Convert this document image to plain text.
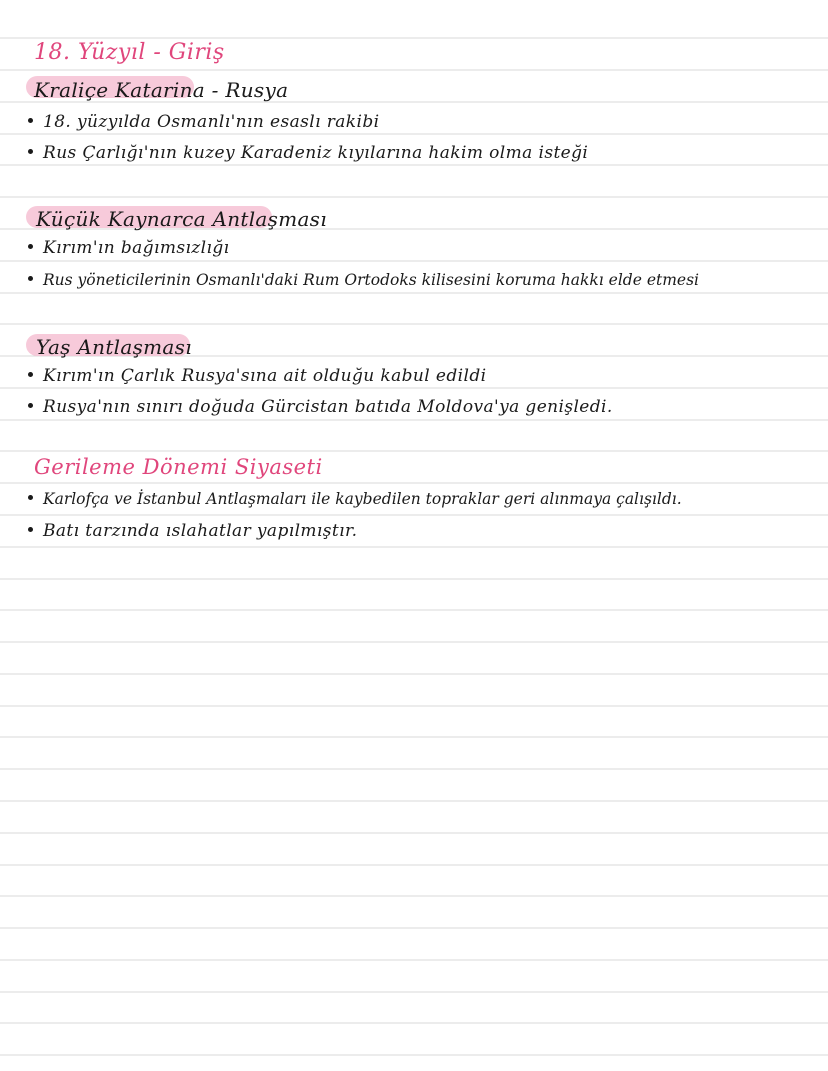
18. Yüzyıl - Giriş
Kraliçe Katarina - Rusya
18. yüzyılda Osmanlı'nın esaslı rakibi
Rus Çarlığı'nın kuzey Karadeniz kıyılarına hakim olma isteği
Küçük Kaynarca Antlaşması
Kırım'ın bağımsızlığı
Rus yöneticilerinin Osmanlı'daki Rum Ortodoks kilisesini koruma hakkı elde etmesi
Yaş Antlaşması
Kırım'ın Çarlık Rusya'sına ait olduğu kabul edildi
Rusya'nın sınırı doğuda Gürcistan batıda Moldova'ya genişledi.
Gerileme Dönemi Siyaseti
Karlofça ve İstanbul Antlaşmaları ile kaybedilen topraklar geri alınmaya çalışıldı.
Batı tarzında ıslahatlar yapılmıştır.
